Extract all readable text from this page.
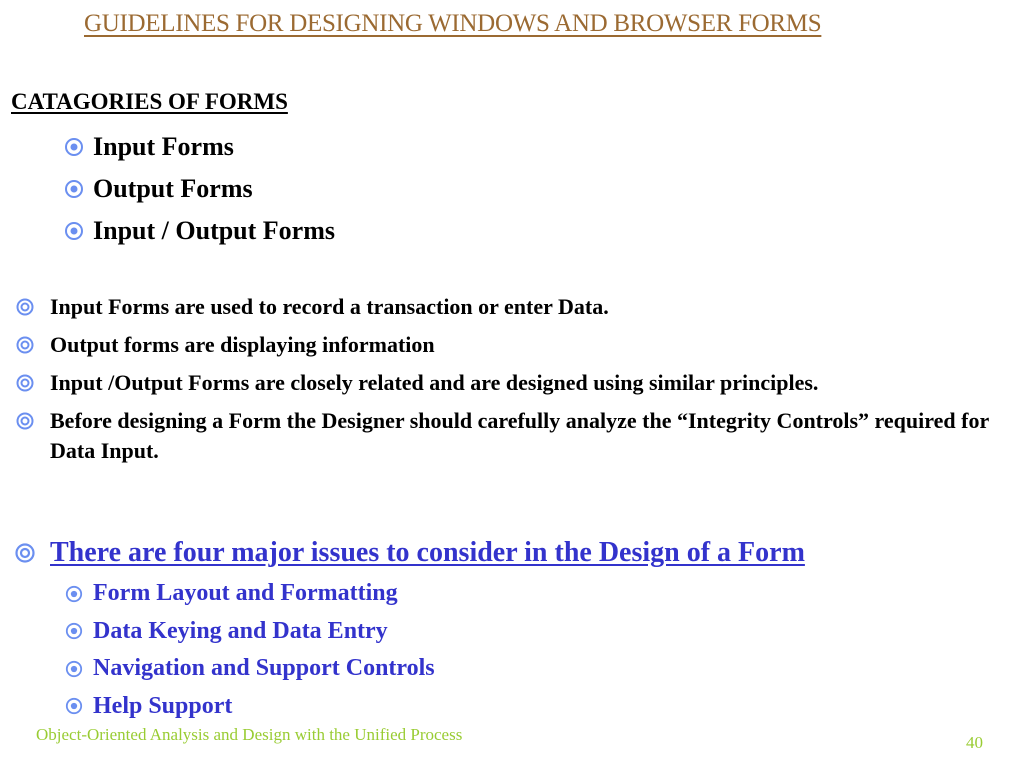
GUIDELINES FOR DESIGNING WINDOWS AND BROWSER FORMS
CATAGORIES OF FORMS
Input Forms
Output Forms
Input / Output Forms
Input Forms are used to record a transaction or enter Data.
Output forms are displaying information
Input /Output Forms are closely related and are designed using similar principles.
Before designing a Form the Designer should carefully analyze the “Integrity Controls” required for Data Input.
There are four major issues to consider in the Design of a Form
Form Layout and Formatting
Data Keying and Data Entry
Navigation and Support Controls
Help Support
Object-Oriented Analysis and Design with the Unified Process	40
